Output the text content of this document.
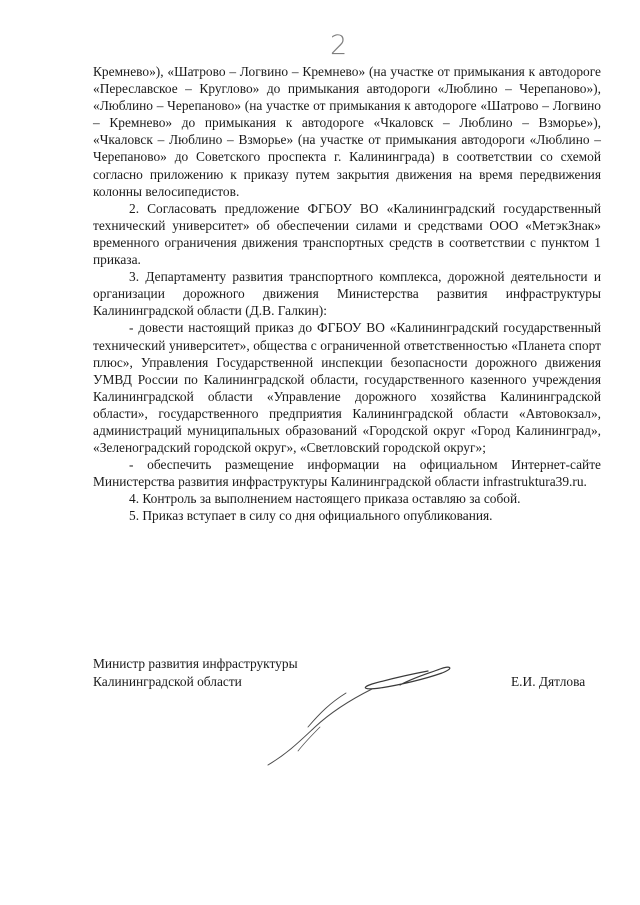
2

Кремнево»), «Шатрово – Логвино – Кремнево» (на участке от примыкания к автодороге «Переславское – Круглово» до примыкания автодороги «Люблино – Черепаново»), «Люблино – Черепаново» (на участке от примыкания к автодороге «Шатрово – Логвино – Кремнево» до примыкания к автодороге «Чкаловск – Люблино – Взморье»), «Чкаловск – Люблино – Взморье» (на участке от примыкания автодороги «Люблино – Черепаново» до Советского проспекта г. Калининграда) в соответствии со схемой согласно приложению к приказу путем закрытия движения на время передвижения колонны велосипедистов.

2. Согласовать предложение ФГБОУ ВО «Калининградский государственный технический университет» об обеспечении силами и средствами ООО «МетэкЗнак» временного ограничения движения транспортных средств в соответствии с пунктом 1 приказа.

3. Департаменту развития транспортного комплекса, дорожной деятельности и организации дорожного движения Министерства развития инфраструктуры Калининградской области (Д.В. Галкин):

- довести настоящий приказ до ФГБОУ ВО «Калининградский государственный технический университет», общества с ограниченной ответственностью «Планета спорт плюс», Управления Государственной инспекции безопасности дорожного движения УМВД России по Калининградской области, государственного казенного учреждения Калининградской области «Управление дорожного хозяйства Калининградской области», государственного предприятия Калининградской области «Автовокзал», администраций муниципальных образований «Городской округ «Город Калининград», «Зеленоградский городской округ», «Светловский городской округ»;

- обеспечить размещение информации на официальном Интернет-сайте Министерства развития инфраструктуры Калининградской области infrastruktura39.ru.

4. Контроль за выполнением настоящего приказа оставляю за собой.

5. Приказ вступает в силу со дня официального опубликования.

Министр развития инфраструктуры
Калининградской области	Е.И. Дятлова
